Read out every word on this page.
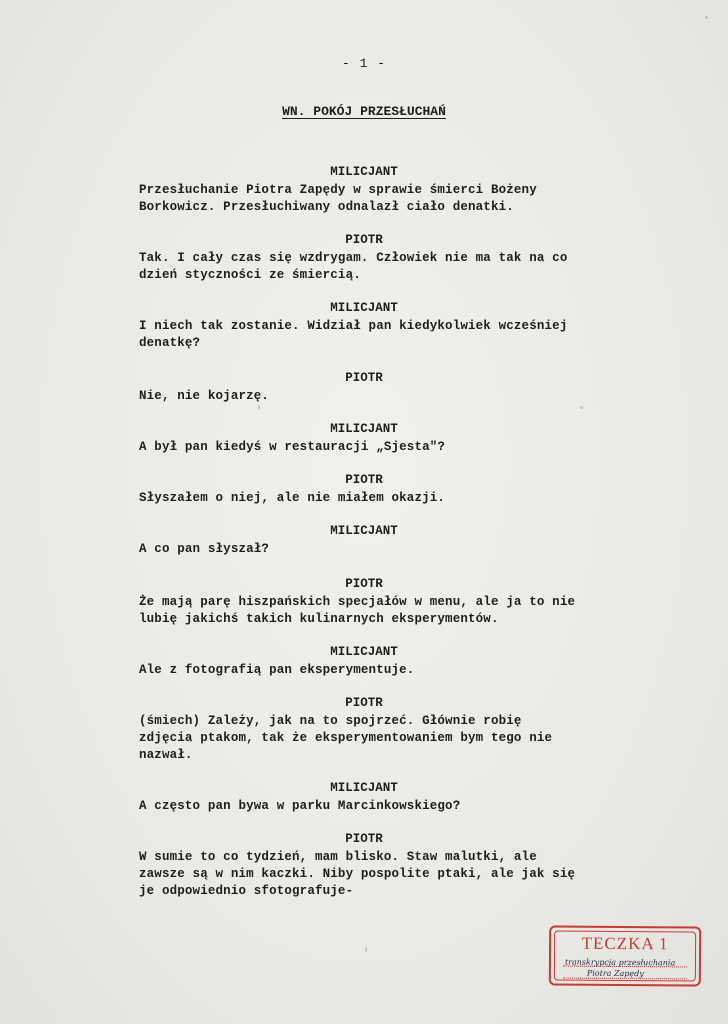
- 1 -
WN. POKÓJ PRZESŁUCHAŃ
MILICJANT
Przesłuchanie Piotra Zapędy w sprawie śmierci Bożeny
Borkowicz. Przesłuchiwany odnalazł ciało denatki.
PIOTR
Tak. I cały czas się wzdrygam. Człowiek nie ma tak na co
dzień styczności ze śmiercią.
MILICJANT
I niech tak zostanie. Widział pan kiedykolwiek wcześniej
denatkę?
PIOTR
Nie, nie kojarzę.
MILICJANT
A był pan kiedyś w restauracji „Sjesta"?
PIOTR
Słyszałem o niej, ale nie miałem okazji.
MILICJANT
A co pan słyszał?
PIOTR
Że mają parę hiszpańskich specjałów w menu, ale ja to nie
lubię jakichś takich kulinarnych eksperymentów.
MILICJANT
Ale z fotografią pan eksperymentuje.
PIOTR
(śmiech) Zależy, jak na to spojrzeć. Głównie robię
zdjęcia ptakom, tak że eksperymentowaniem bym tego nie
nazwał.
MILICJANT
A często pan bywa w parku Marcinkowskiego?
PIOTR
W sumie to co tydzień, mam blisko. Staw malutki, ale
zawsze są w nim kaczki. Niby pospolite ptaki, ale jak się
je odpowiednio sfotografuje-
TECZKA 1
transkrypcja przesłuchania
Piotra Zapędy
